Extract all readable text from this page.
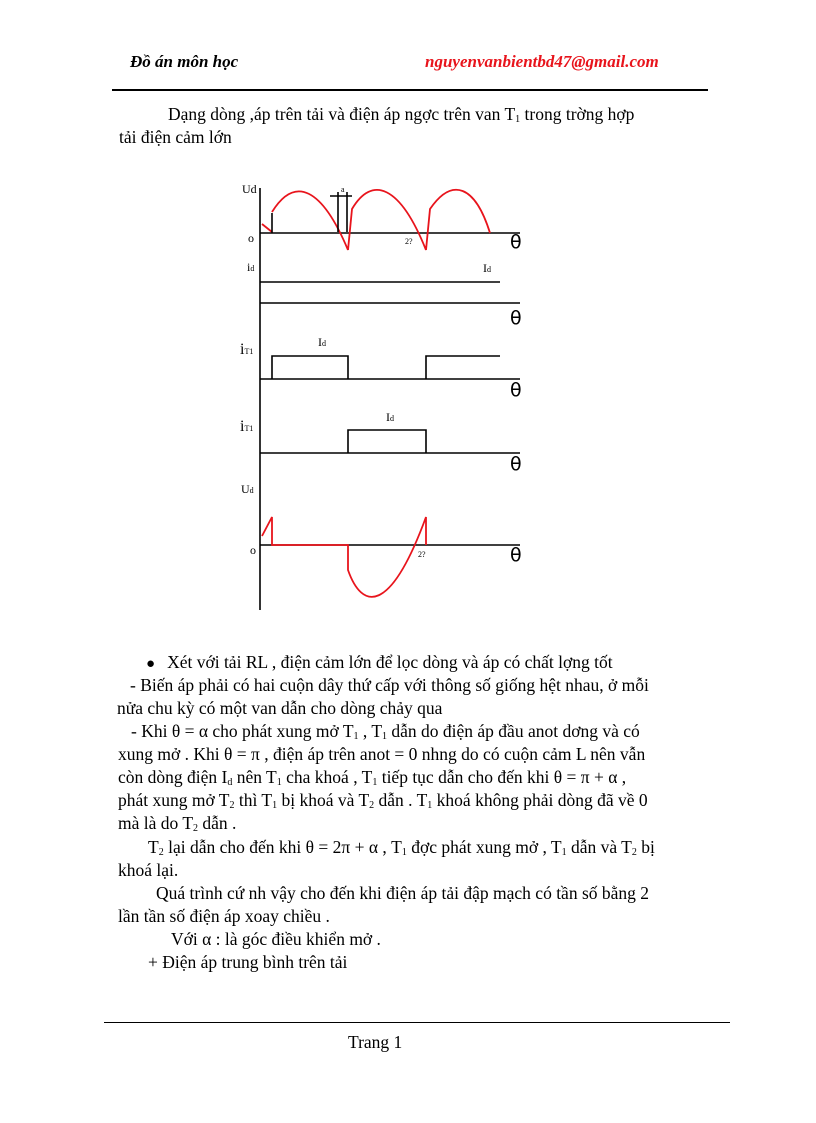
Đồ án môn học	nguyenvanbientbd47@gmail.com
Dạng dòng ,áp trên tải và điện áp ngợc trên van $T_1$ trong trờng hợp
tải điện cảm lớn
Ud
o	θ
a
2?
id	Id
θ
iT1
Id
θ
iT1
Id
θ
Ud
o	θ
2?
● Xét với tải RL , điện cảm lớn để lọc dòng và áp có chất lợng tốt
- Biến áp phải có hai cuộn dây thứ cấp với thông số giống hệt nhau, ở mỗi
nửa chu kỳ có một van dẫn cho dòng chảy qua
- Khi θ = α cho phát xung mở $T_1$ , $T_1$ dẫn do điện áp đầu anot dơng và có
xung mở . Khi θ = π , điện áp trên anot = 0 nhng do có cuộn cảm L nên vẫn
còn dòng điện $I_d$ nên $T_1$ cha khoá , $T_1$ tiếp tục dẫn cho đến khi θ = π + α ,
phát xung mở $T_2$ thì $T_1$ bị khoá và $T_2$ dẫn . $T_1$ khoá không phải dòng đã về 0
mà là do $T_2$ dẫn .
$T_2$ lại dẫn cho đến khi θ = 2π + α , $T_1$ đợc phát xung mở , $T_1$ dẫn và $T_2$ bị
khoá lại.
Quá trình cứ nh vậy cho đến khi điện áp tải đập mạch có tần số bằng 2
lần tần số điện áp xoay chiều .
Với α : là góc điều khiển mở .
+ Điện áp trung bình trên tải
Trang 1
